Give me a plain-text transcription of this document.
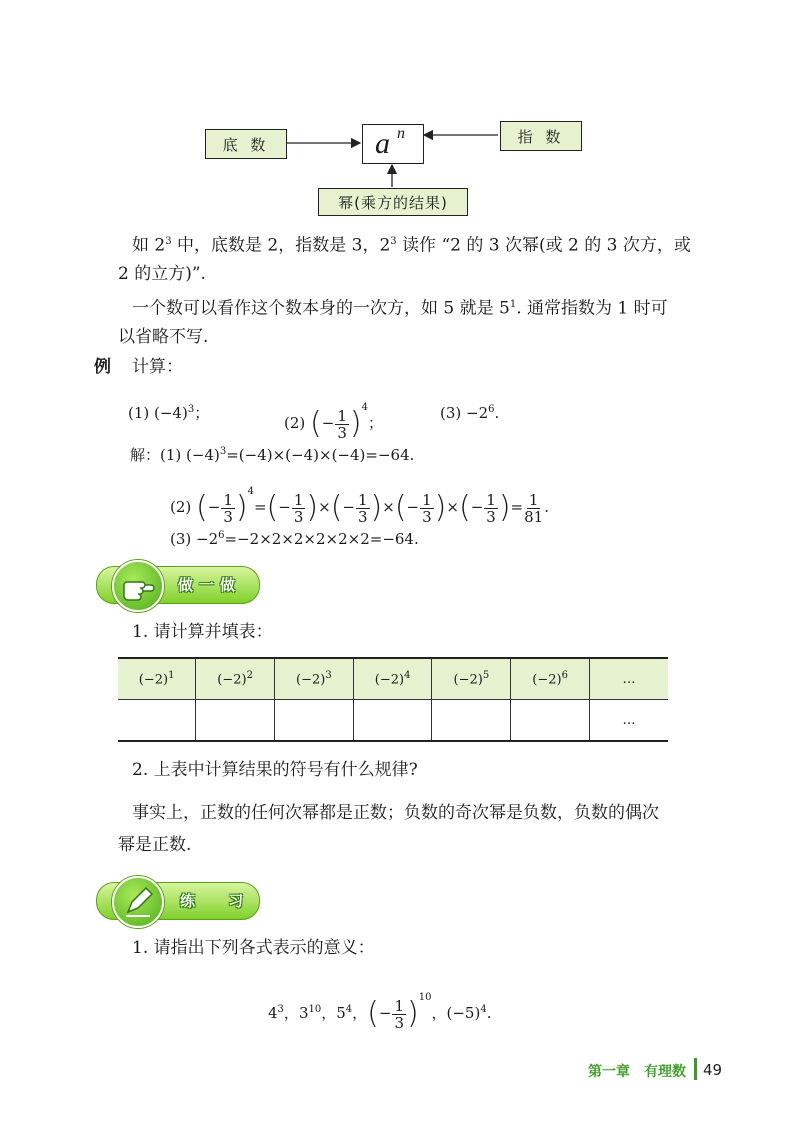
底 数	指 数
a n
幂(乘方的结果)
如 $2^3$ 中，底数是 2，指数是 3，$2^3$ 读作 “2 的 3 次幂(或 2 的 3 次方，或
2 的立方)”.
一个数可以看作这个数本身的一次方，如 5 就是 $5^1$. 通常指数为 1 时可
以省略不写.
例 计算：
(1) $(-4)^3$；
(2) (− $\frac{1}{3} )^4$；
$(3) -2^6$.
解：(1) $(-4)^3=(-4)\times(-4)\times(-4)=-64$.
(2) (− $\frac{1}{3} )^4=(- \frac{1}{3}$ )×(− $\frac{1}{3}$ )×(− $\frac{1}{3}$ )×(− $\frac{1}{3}$ )= $\frac{1}{81}$ .
$(3) -2^6=-2\times 2\times 2\times 2\times 2\times 2=-64$.
做一做
1. 请计算并填表：
$(-2)^1$	$(-2)^2$	$(-2)^3$	$(-2)^4$	$(-2)^5$	$(-2)^6$	…
						…
2. 上表中计算结果的符号有什么规律?
事实上，正数的任何次幂都是正数；负数的奇次幂是负数，负数的偶次
幂是正数.
练 习
1. 请指出下列各式表示的意义：
$4^3$，$3^{10}$，$5^4$，(− $\frac{1}{3} )^{10}$，$(-5)^4$.
第一章　有理数 49
